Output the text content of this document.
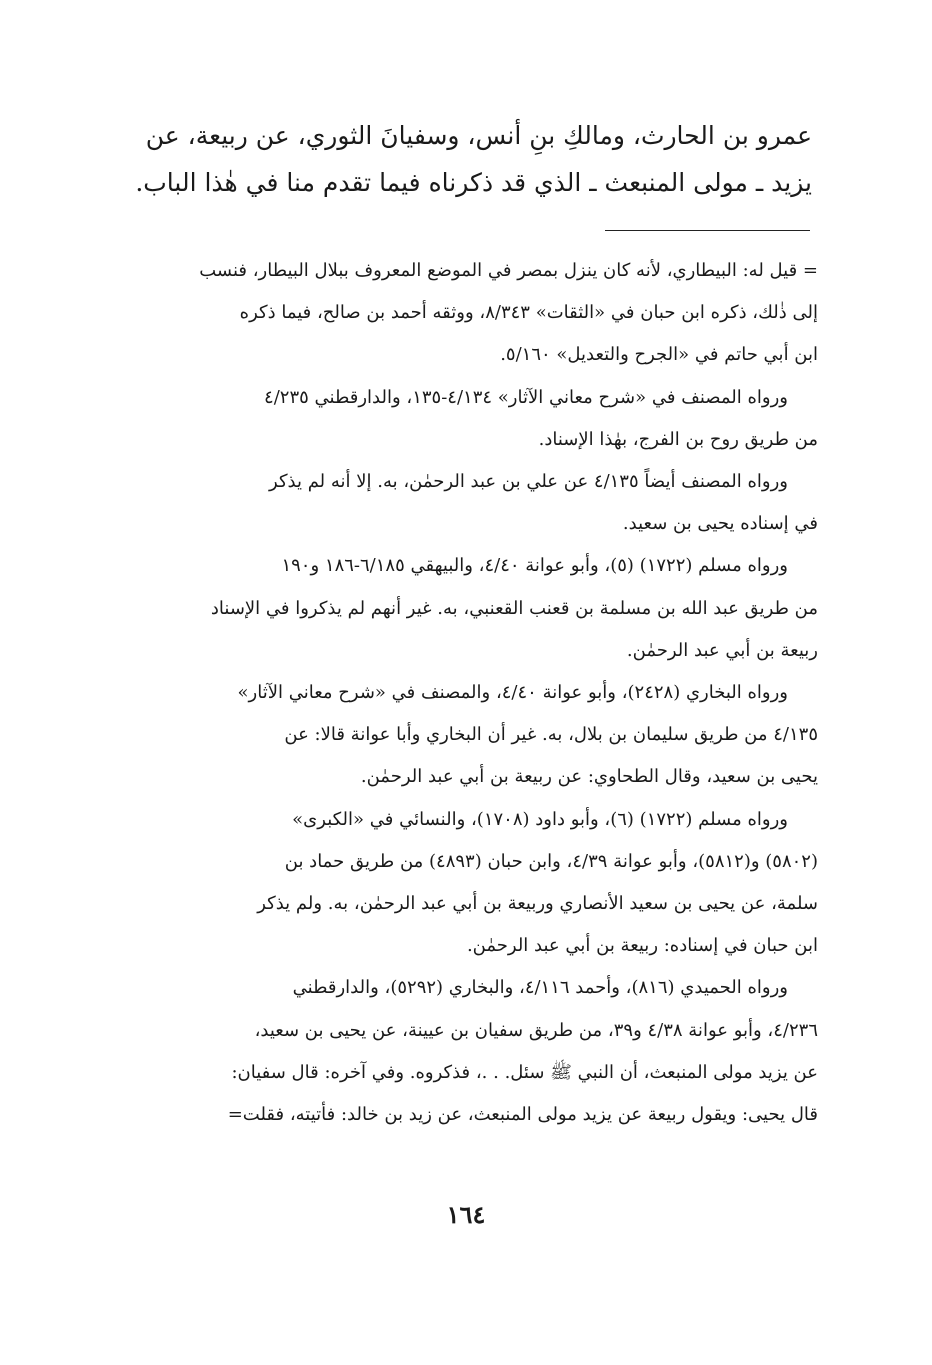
عمرو بن الحارث، ومالكِ بنِ أنس، وسفيانَ الثوري، عن ربيعة، عن
يزيد ـ مولى المنبعث ـ الذي قد ذكرناه فيما تقدم منا في هٰذا الباب.
= قيل له: البيطاري، لأنه كان ينزل بمصر في الموضع المعروف ببلال البيطار، فنسب
إلى ذٰلك، ذكره ابن حبان في «الثقات» ٨/٣٤٣، ووثقه أحمد بن صالح، فيما ذكره
ابن أبي حاتم في «الجرح والتعديل» ٥/١٦٠.
ورواه المصنف في «شرح معاني الآثار» ٤/١٣٤-١٣٥، والدارقطني ٤/٢٣٥
من طريق روح بن الفرج، بهٰذا الإسناد.
ورواه المصنف أيضاً ٤/١٣٥ عن علي بن عبد الرحمٰن، به. إلا أنه لم يذكر
في إسناده يحيى بن سعيد.
ورواه مسلم (١٧٢٢) (٥)، وأبو عوانة ٤/٤٠، والبيهقي ٦/١٨٥-١٨٦ و١٩٠
من طريق عبد الله بن مسلمة بن قعنب القعنبي، به. غير أنهم لم يذكروا في الإسناد
ربيعة بن أبي عبد الرحمٰن.
ورواه البخاري (٢٤٢٨)، وأبو عوانة ٤/٤٠، والمصنف في «شرح معاني الآثار»
٤/١٣٥ من طريق سليمان بن بلال، به. غير أن البخاري وأبا عوانة قالا: عن
يحيى بن سعيد، وقال الطحاوي: عن ربيعة بن أبي عبد الرحمٰن.
ورواه مسلم (١٧٢٢) (٦)، وأبو داود (١٧٠٨)، والنسائي في «الكبرى»
(٥٨٠٢) و(٥٨١٢)، وأبو عوانة ٤/٣٩، وابن حبان (٤٨٩٣) من طريق حماد بن
سلمة، عن يحيى بن سعيد الأنصاري وربيعة بن أبي عبد الرحمٰن، به. ولم يذكر
ابن حبان في إسناده: ربيعة بن أبي عبد الرحمٰن.
ورواه الحميدي (٨١٦)، وأحمد ٤/١١٦، والبخاري (٥٢٩٢)، والدارقطني
٤/٢٣٦، وأبو عوانة ٤/٣٨ و٣٩، من طريق سفيان بن عيينة، عن يحيى بن سعيد،
عن يزيد مولى المنبعث، أن النبي ﷺ سئل. . .، فذكروه. وفي آخره: قال سفيان:
قال يحيى: ويقول ربيعة عن يزيد مولى المنبعث، عن زيد بن خالد: فأتيته، فقلت=
١٦٤
